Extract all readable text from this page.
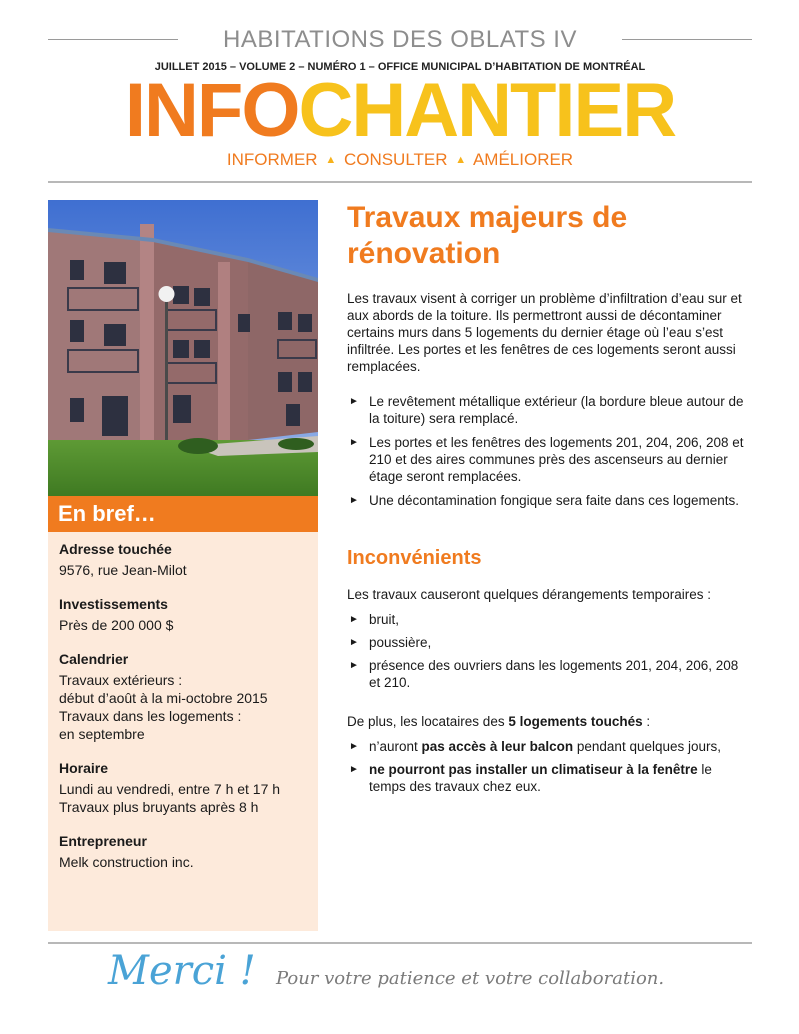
HABITATIONS DES OBLATS IV
JUILLET 2015 – VOLUME 2 – NUMÉRO 1 – OFFICE MUNICIPAL D’HABITATION DE MONTRÉAL
INFOCHANTIER
INFORMER ▲ CONSULTER ▲ AMÉLIORER
En bref…
Adresse touchée
9576, rue Jean-Milot
Investissements
Près de 200 000 $
Calendrier
Travaux extérieurs :
début d’août à la mi-octobre 2015
Travaux dans les logements :
en septembre
Horaire
Lundi au vendredi, entre 7 h et 17 h
Travaux plus bruyants après 8 h
Entrepreneur
Melk construction inc.
Travaux majeurs de rénovation
Les travaux visent à corriger un problème d’infiltration d’eau sur et aux abords de la toiture. Ils permettront aussi de décontaminer certains murs dans 5 logements du dernier étage où l’eau s’est infiltrée. Les portes et les fenêtres de ces logements seront aussi remplacées.
► Le revêtement métallique extérieur (la bordure bleue autour de la toiture) sera remplacé.
► Les portes et les fenêtres des logements 201, 204, 206, 208 et 210 et des aires communes près des ascenseurs au dernier étage seront remplacées.
► Une décontamination fongique sera faite dans ces logements.
Inconvénients
Les travaux causeront quelques dérangements temporaires :
► bruit,
► poussière,
► présence des ouvriers dans les logements 201, 204, 206, 208 et 210.
De plus, les locataires des 5 logements touchés :
► n’auront pas accès à leur balcon pendant quelques jours,
► ne pourront pas installer un climatiseur à la fenêtre le temps des travaux chez eux.
Merci ! Pour votre patience et votre collaboration.
